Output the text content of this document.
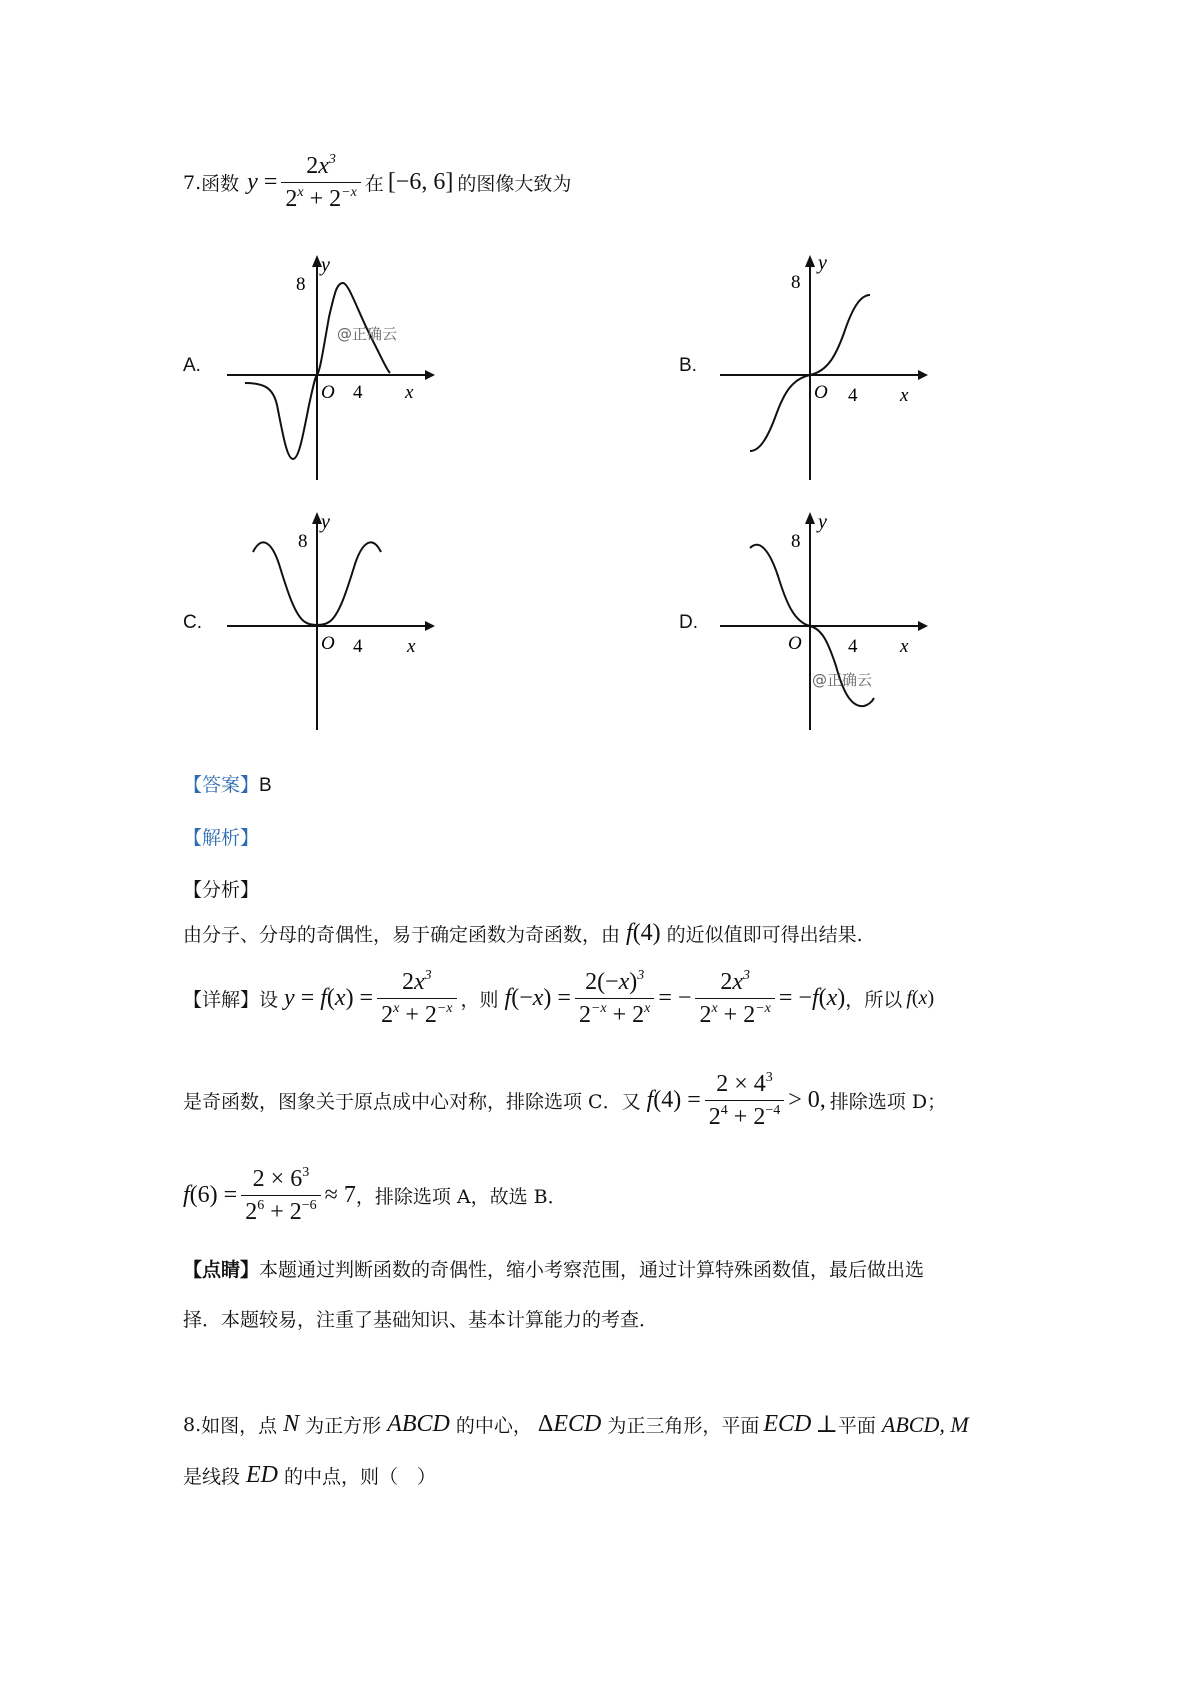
7. 函数 $y = \frac{2x^3}{2^x + 2^{-x}}$ 在 [−6, 6] 的图像大致为
A.	B.
C.	D.
y
8
O 4 x
@正确云
y
8
O 4 x
y
8
O 4 x
y
8
O 4 x
@正确云
【答案】B
【解析】
【分析】
由分子、分母的奇偶性，易于确定函数为奇函数，由 f(4) 的近似值即可得出结果.
【详解】 设 $y = f(x) = \frac{2x^3}{2^x + 2^{-x}}$ ，则 $f(-x) = \frac{2(-x)^3}{2^{-x} + 2^x}$ = − $\frac{2x^3}{2^x + 2^{-x}} = -f(x)$ ，所以 f(x)
是奇函数，图象关于原点成中心对称，排除选项 C．又 $f(4) = \frac{2 \times 4^3}{2^4 + 2^{-4}} > 0$, 排除选项 D；
$f(6) = \frac{2 \times 6^3}{2^6 + 2^{-6}} \approx 7$ ，排除选项 A，故选 B．
【点睛】本题通过判断函数的奇偶性，缩小考察范围，通过计算特殊函数值，最后做出选
择．本题较易，注重了基础知识、基本计算能力的考查．
8. 如图，点 N 为正方形 ABCD 的中心， ΔECD 为正三角形，平面 ECD ⊥ 平面 ABCD, M
是线段 ED 的中点，则（　）
